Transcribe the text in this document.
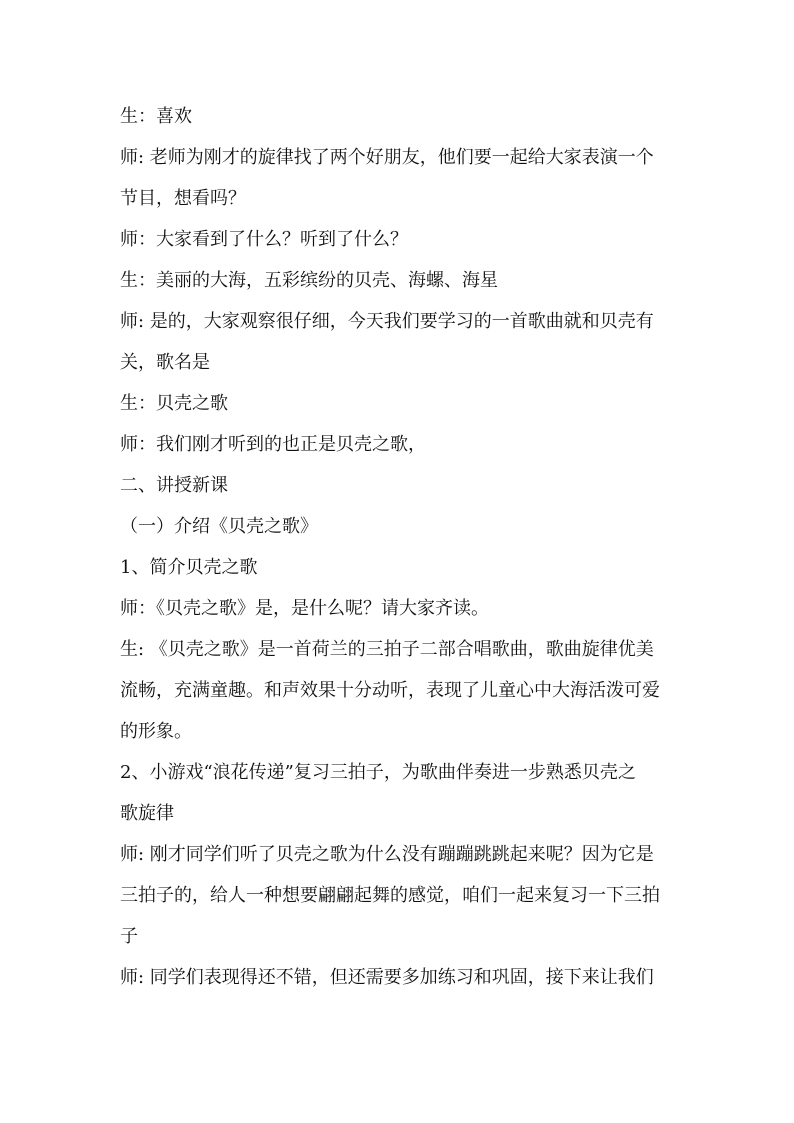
生：喜欢
师: 老师为刚才的旋律找了两个好朋友，他们要一起给大家表演一个
节目，想看吗？
师：大家看到了什么？听到了什么？
生：美丽的大海，五彩缤纷的贝壳、海螺、海星
师: 是的，大家观察很仔细，今天我们要学习的一首歌曲就和贝壳有
关，歌名是
生：贝壳之歌
师：我们刚才听到的也正是贝壳之歌，
二、讲授新课
（一）介绍《贝壳之歌》
1、简介贝壳之歌
师：《贝壳之歌》是，是什么呢？请大家齐读。
生: 《贝壳之歌》是一首荷兰的三拍子二部合唱歌曲，歌曲旋律优美
流畅，充满童趣。和声效果十分动听，表现了儿童心中大海活泼可爱
的形象。
2、小游戏“浪花传递”复习三拍子，为歌曲伴奏进一步熟悉贝壳之
歌旋律
师: 刚才同学们听了贝壳之歌为什么没有蹦蹦跳跳起来呢？因为它是
三拍子的，给人一种想要翩翩起舞的感觉，咱们一起来复习一下三拍
子
师: 同学们表现得还不错，但还需要多加练习和巩固，接下来让我们
